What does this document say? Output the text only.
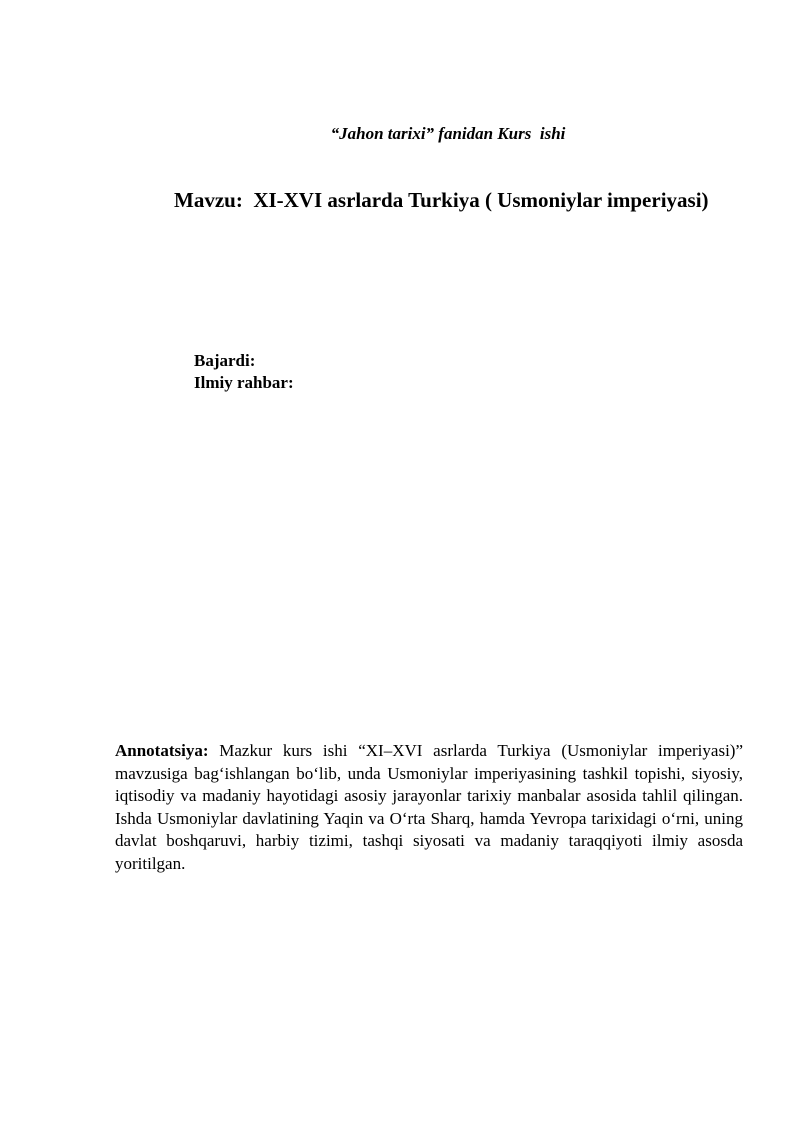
“Jahon tarixi” fanidan Kurs  ishi
Mavzu:  XI-XVI asrlarda Turkiya ( Usmoniylar imperiyasi)
Bajardi:
Ilmiy rahbar:
Annotatsiya: Mazkur kurs ishi “XI–XVI asrlarda Turkiya (Usmoniylar imperiyasi)” mavzusiga bag‘ishlangan bo‘lib, unda Usmoniylar imperiyasining tashkil topishi, siyosiy, iqtisodiy va madaniy hayotidagi asosiy jarayonlar tarixiy manbalar asosida tahlil qilingan. Ishda Usmoniylar davlatining Yaqin va O‘rta Sharq, hamda Yevropa tarixidagi o‘rni, uning davlat boshqaruvi, harbiy tizimi, tashqi siyosati va madaniy taraqqiyoti ilmiy asosda yoritilgan.
